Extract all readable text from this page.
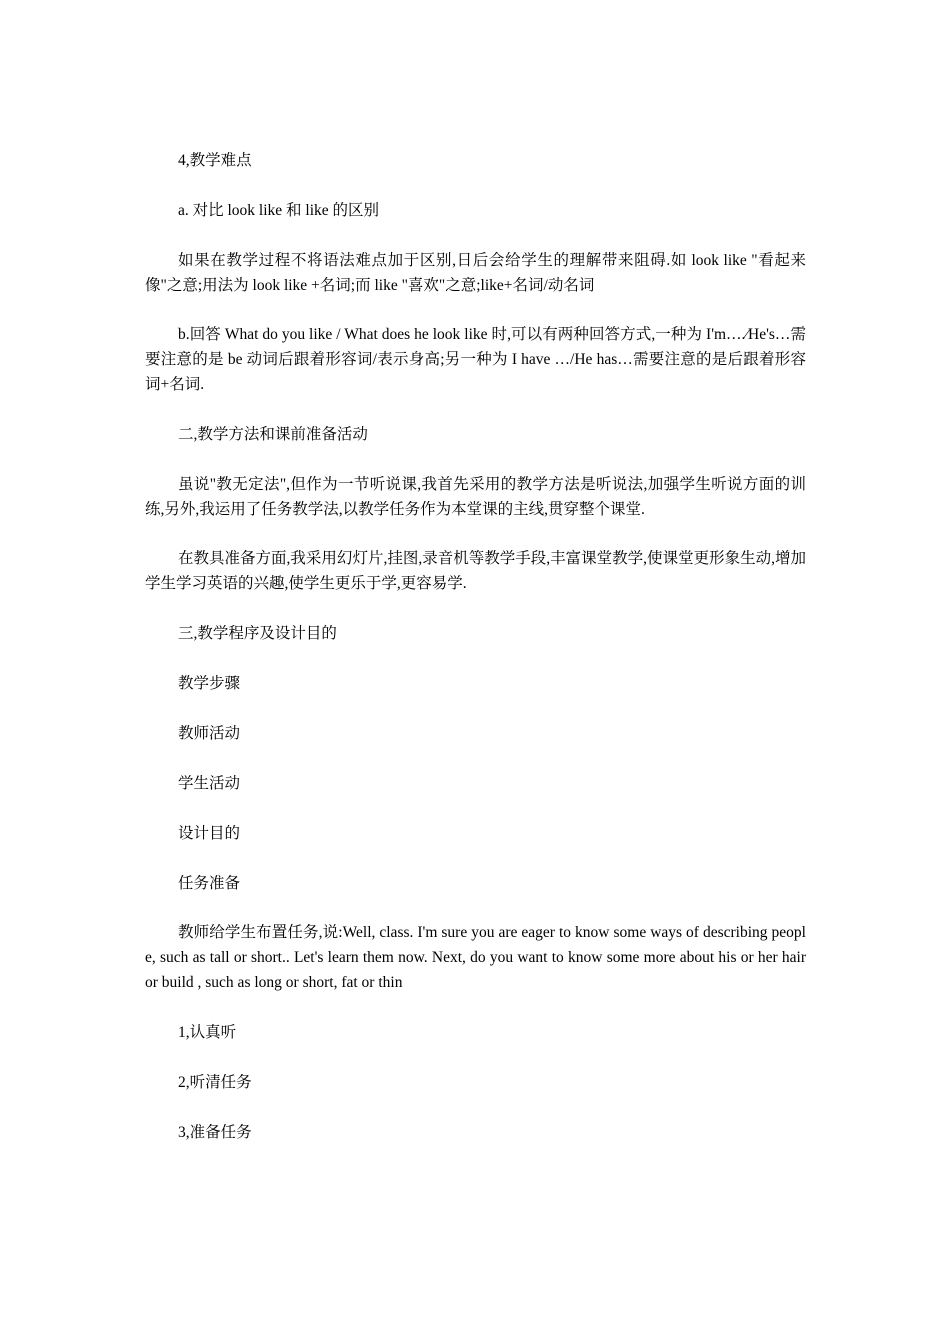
4,教学难点

a. 对比 look like 和 like 的区别

如果在教学过程不将语法难点加于区别,日后会给学生的理解带来阻碍.如 look like "看起来像"之意;用法为 look like +名词;而 like "喜欢"之意;like+名词/动名词

b.回答 What do you like / What does he look like 时,可以有两种回答方式,一种为 I'm….∕He's…需要注意的是 be 动词后跟着形容词/表示身高;另一种为 I have …/He has…需要注意的是后跟着形容词+名词.

二,教学方法和课前准备活动

虽说"教无定法",但作为一节听说课,我首先采用的教学方法是听说法,加强学生听说方面的训练,另外,我运用了任务教学法,以教学任务作为本堂课的主线,贯穿整个课堂.

在教具准备方面,我采用幻灯片,挂图,录音机等教学手段,丰富课堂教学,使课堂更形象生动,增加学生学习英语的兴趣,使学生更乐于学,更容易学.

三,教学程序及设计目的

教学步骤

教师活动

学生活动

设计目的

任务准备

教师给学生布置任务,说:Well, class. I'm sure you are eager to know some ways of describing people, such as tall or short.. Let's learn them now. Next, do you want to know some more about his or her hair or build , such as long or short, fat or thin

1,认真听

2,听清任务

3,准备任务
